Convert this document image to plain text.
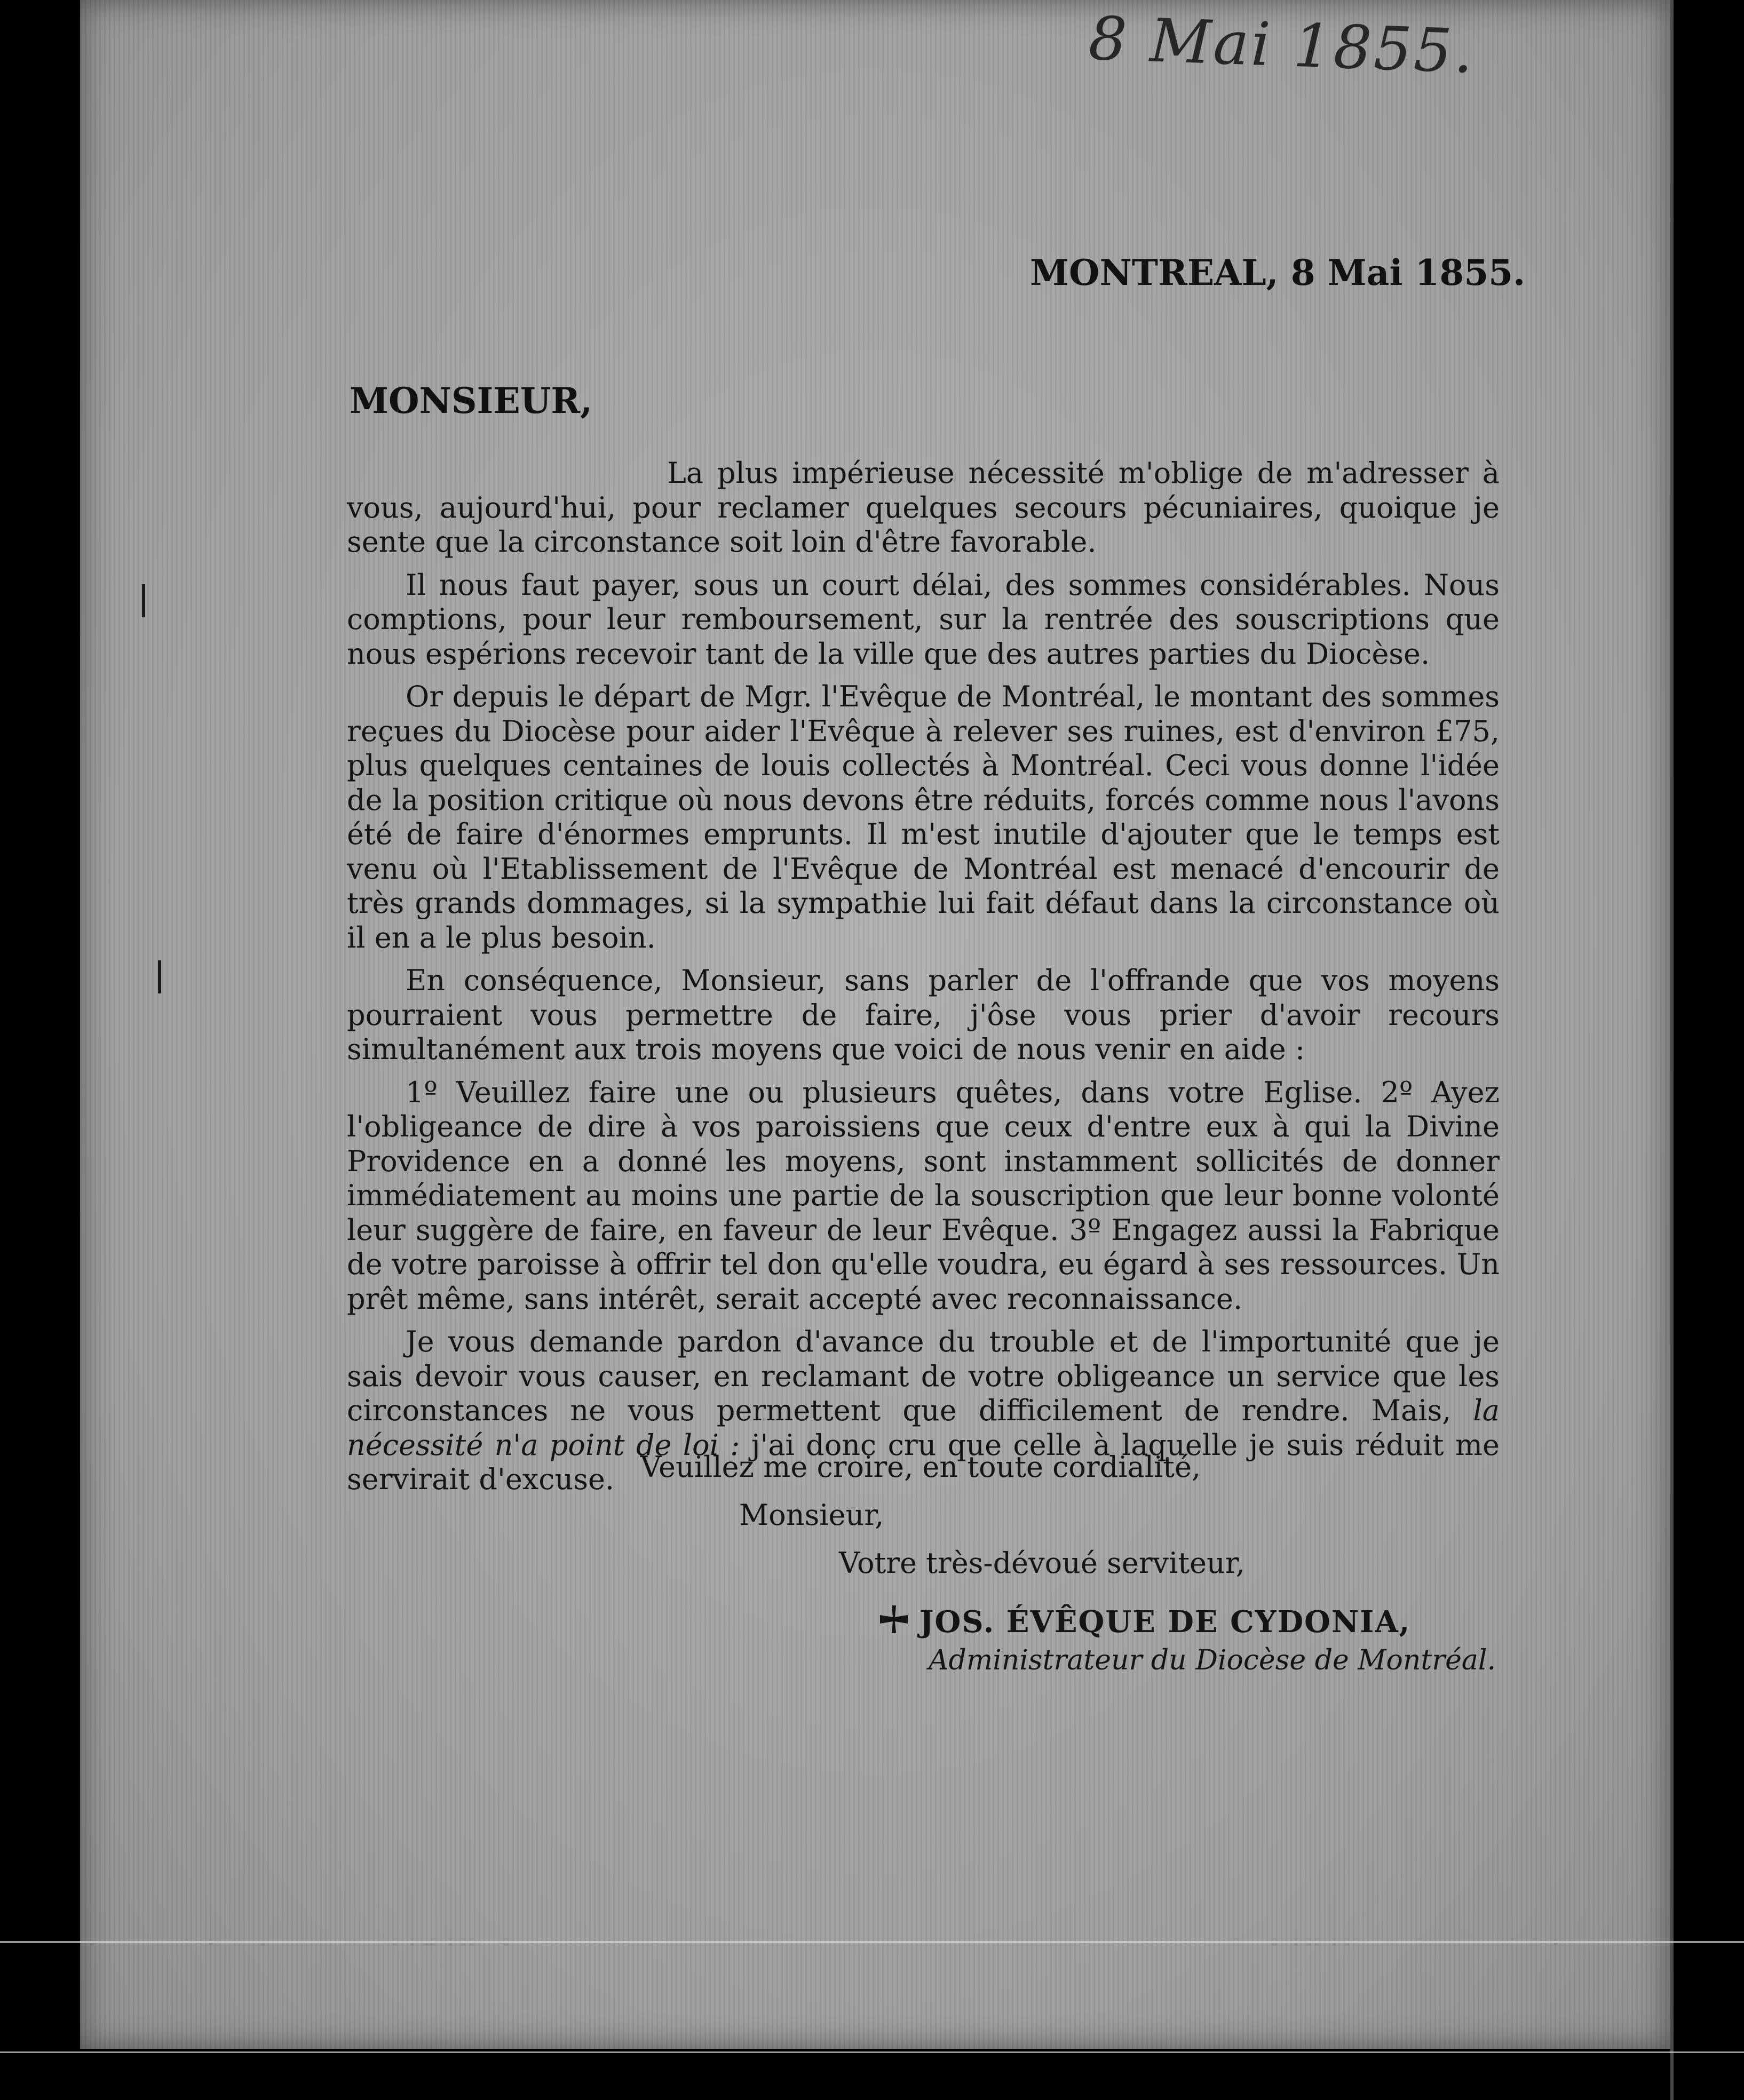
8 Mai 1855.
MONTREAL, 8 Mai 1855.
MONSIEUR,

La plus impérieuse nécessité m'oblige de m'adresser à vous, aujourd'hui, pour reclamer quelques secours pécuniaires, quoique je sente que la circonstance soit loin d'être favorable.

Il nous faut payer, sous un court délai, des sommes considérables. Nous comptions, pour leur remboursement, sur la rentrée des souscriptions que nous espérions recevoir tant de la ville que des autres parties du Diocèse.

Or depuis le départ de Mgr. l'Evêque de Montréal, le montant des sommes reçues du Diocèse pour aider l'Evêque à relever ses ruines, est d'environ £75, plus quelques centaines de louis collectés à Montréal. Ceci vous donne l'idée de la position critique où nous devons être réduits, forcés comme nous l'avons été de faire d'énormes emprunts. Il m'est inutile d'ajouter que le temps est venu où l'Etablissement de l'Evêque de Montréal est menacé d'encourir de très grands dommages, si la sympathie lui fait défaut dans la circonstance où il en a le plus besoin.

En conséquence, Monsieur, sans parler de l'offrande que vos moyens pourraient vous permettre de faire, j'ôse vous prier d'avoir recours simultanément aux trois moyens que voici de nous venir en aide :

1º Veuillez faire une ou plusieurs quêtes, dans votre Eglise. 2º Ayez l'obligeance de dire à vos paroissiens que ceux d'entre eux à qui la Divine Providence en a donné les moyens, sont instamment sollicités de donner immédiatement au moins une partie de la souscription que leur bonne volonté leur suggère de faire, en faveur de leur Evêque. 3º Engagez aussi la Fabrique de votre paroisse à offrir tel don qu'elle voudra, eu égard à ses ressources. Un prêt même, sans intérêt, serait accepté avec reconnaissance.

Je vous demande pardon d'avance du trouble et de l'importunité que je sais devoir vous causer, en reclamant de votre obligeance un service que les circonstances ne vous permettent que difficilement de rendre. Mais, la nécessité n'a point de loi : j'ai donc cru que celle à laquelle je suis réduit me servirait d'excuse. Veuillez me croire, en toute cordialité,
Monsieur,
Votre très-dévoué serviteur,
JOS. ÉVÊQUE DE CYDONIA,
Administrateur du Diocèse de Montréal.
